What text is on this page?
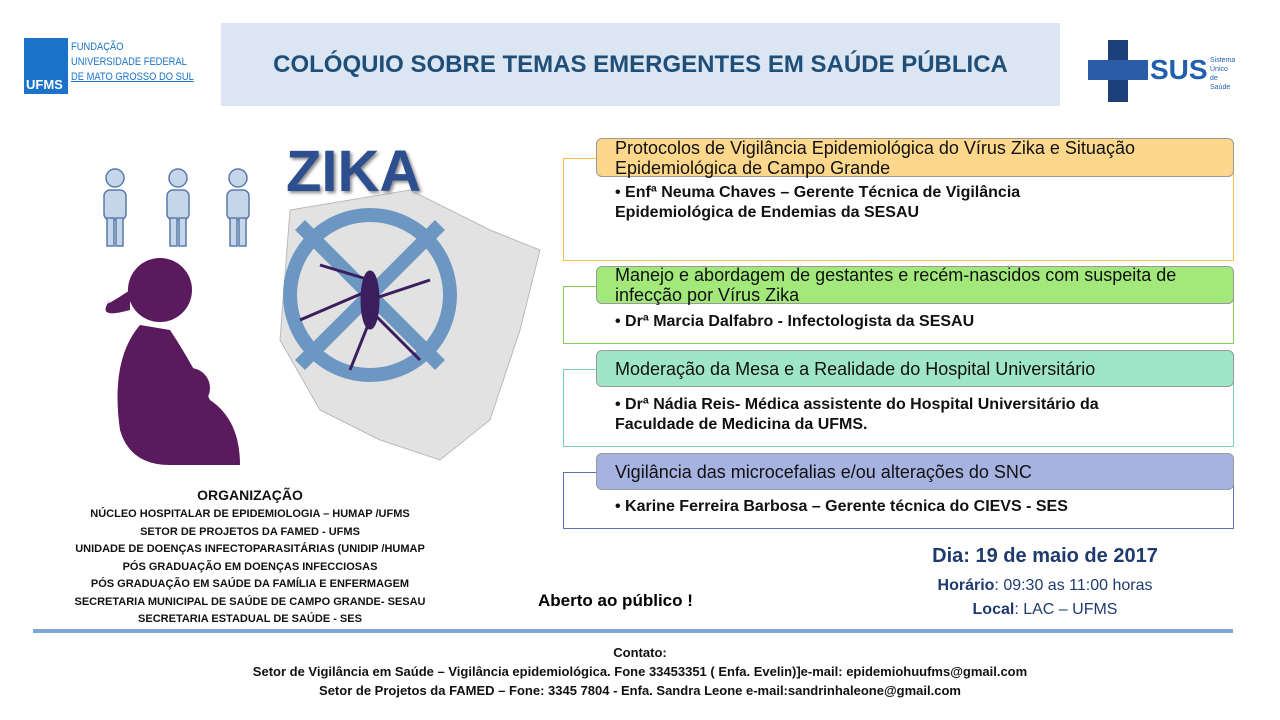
UFMS
FUNDAÇÃO
UNIVERSIDADE FEDERAL
DE MATO GROSSO DO SUL	COLÓQUIO SOBRE TEMAS EMERGENTES EM SAÚDE PÚBLICA	SUS Sistema
Único
de Saúde
ZIKA	Protocolos de Vigilância Epidemiológica do Vírus Zika e Situação Epidemiológica de Campo Grande
• Enfª Neuma Chaves – Gerente Técnica de Vigilância Epidemiológica de Endemias da SESAU
Manejo e abordagem de gestantes e recém-nascidos com suspeita de infecção por Vírus Zika
• Drª Marcia Dalfabro - Infectologista da SESAU
Moderação da Mesa e a Realidade do Hospital Universitário
• Drª Nádia Reis- Médica assistente do Hospital Universitário da Faculdade de Medicina da UFMS.
Vigilância das microcefalias e/ou alterações do SNC
• Karine Ferreira Barbosa – Gerente técnica do CIEVS - SES
ORGANIZAÇÃO
NÚCLEO HOSPITALAR DE EPIDEMIOLOGIA – HUMAP /UFMS
SETOR DE PROJETOS DA FAMED - UFMS
UNIDADE DE DOENÇAS INFECTOPARASITÁRIAS (UNIDIP /HUMAP
PÓS GRADUAÇÃO EM DOENÇAS INFECCIOSAS
PÓS GRADUAÇÃO EM SAÚDE DA FAMÍLIA E ENFERMAGEM
SECRETARIA MUNICIPAL DE SAÚDE DE CAMPO GRANDE- SESAU
SECRETARIA ESTADUAL DE SAÚDE - SES
Aberto ao público !
Dia: 19 de maio de 2017
Horário: 09:30 as 11:00 horas
Local: LAC – UFMS
Contato:
Setor de Vigilância em Saúde – Vigilância epidemiológica. Fone 33453351 ( Enfa. Evelin)]e-mail: epidemiohuufms@gmail.com
Setor de Projetos da FAMED – Fone: 3345 7804 - Enfa. Sandra Leone e-mail:sandrinhaleone@gmail.com
